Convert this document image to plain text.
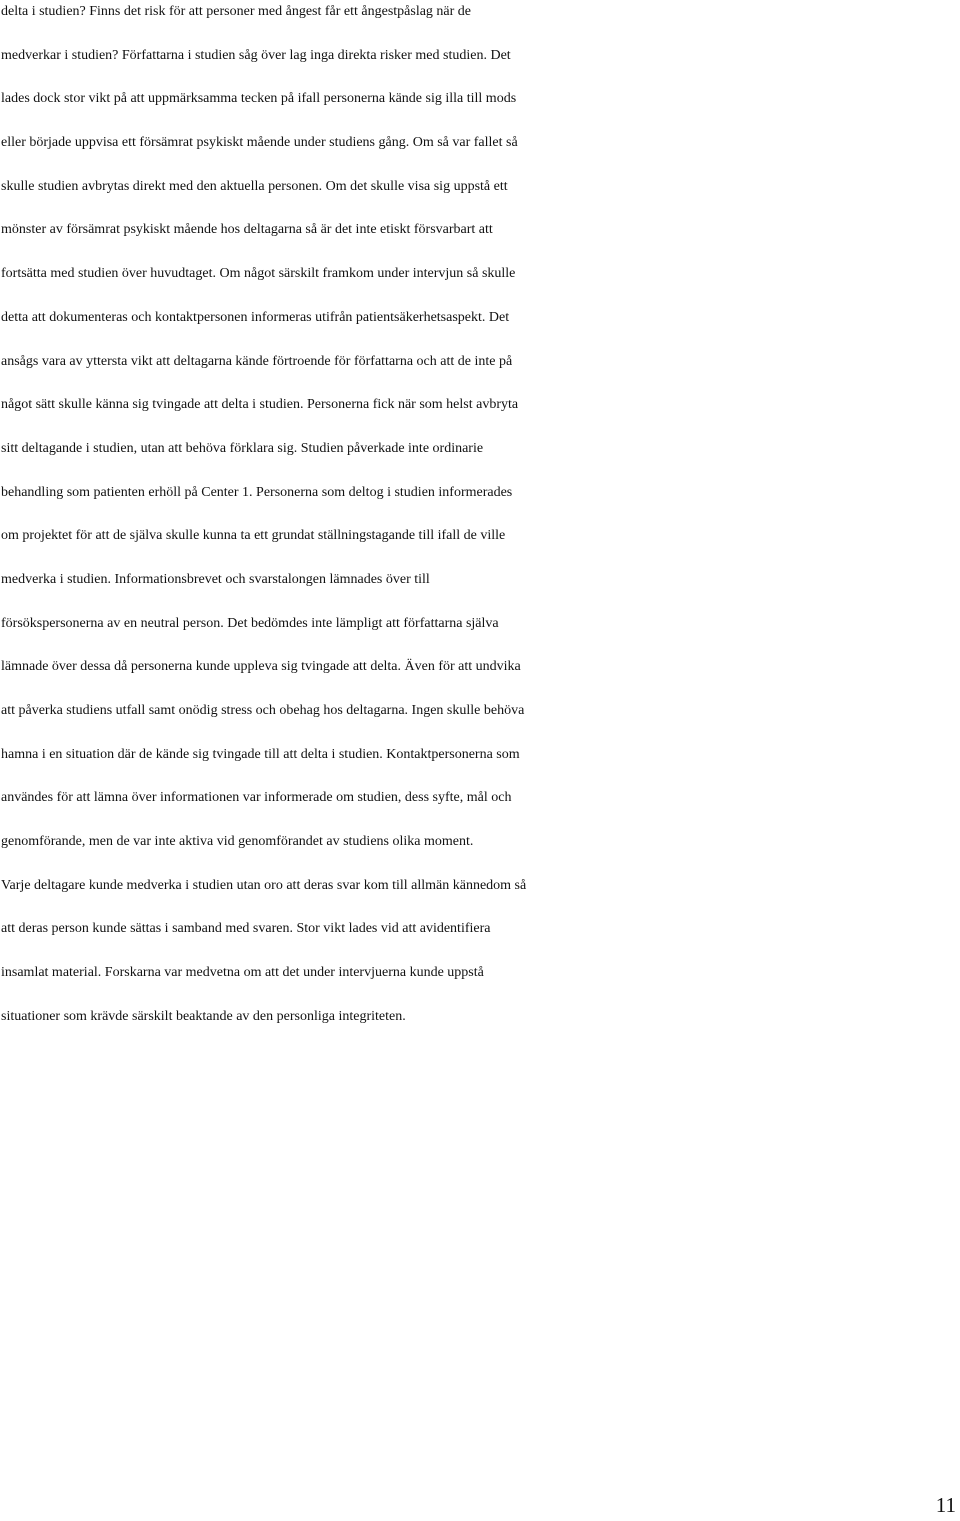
delta i studien? Finns det risk för att personer med ångest får ett ångestpåslag när de
medverkar i studien? Författarna i studien såg över lag inga direkta risker med studien. Det
lades dock stor vikt på att uppmärksamma tecken på ifall personerna kände sig illa till mods
eller började uppvisa ett försämrat psykiskt mående under studiens gång. Om så var fallet så
skulle studien avbrytas direkt med den aktuella personen. Om det skulle visa sig uppstå ett
mönster av försämrat psykiskt mående hos deltagarna så är det inte etiskt försvarbart att
fortsätta med studien över huvudtaget. Om något särskilt framkom under intervjun så skulle
detta att dokumenteras och kontaktpersonen informeras utifrån patientsäkerhetsaspekt. Det
ansågs vara av yttersta vikt att deltagarna kände förtroende för författarna och att de inte på
något sätt skulle känna sig tvingade att delta i studien. Personerna fick när som helst avbryta
sitt deltagande i studien, utan att behöva förklara sig. Studien påverkade inte ordinarie
behandling som patienten erhöll på Center 1. Personerna som deltog i studien informerades
om projektet för att de själva skulle kunna ta ett grundat ställningstagande till ifall de ville
medverka i studien. Informationsbrevet och svarstalongen lämnades över till
försökspersonerna av en neutral person. Det bedömdes inte lämpligt att författarna själva
lämnade över dessa då personerna kunde uppleva sig tvingade att delta. Även för att undvika
att påverka studiens utfall samt onödig stress och obehag hos deltagarna. Ingen skulle behöva
hamna i en situation där de kände sig tvingade till att delta i studien. Kontaktpersonerna som
användes för att lämna över informationen var informerade om studien, dess syfte, mål och
genomförande, men de var inte aktiva vid genomförandet av studiens olika moment.
Varje deltagare kunde medverka i studien utan oro att deras svar kom till allmän kännedom så
att deras person kunde sättas i samband med svaren. Stor vikt lades vid att avidentifiera
insamlat material. Forskarna var medvetna om att det under intervjuerna kunde uppstå
situationer som krävde särskilt beaktande av den personliga integriteten.

11
